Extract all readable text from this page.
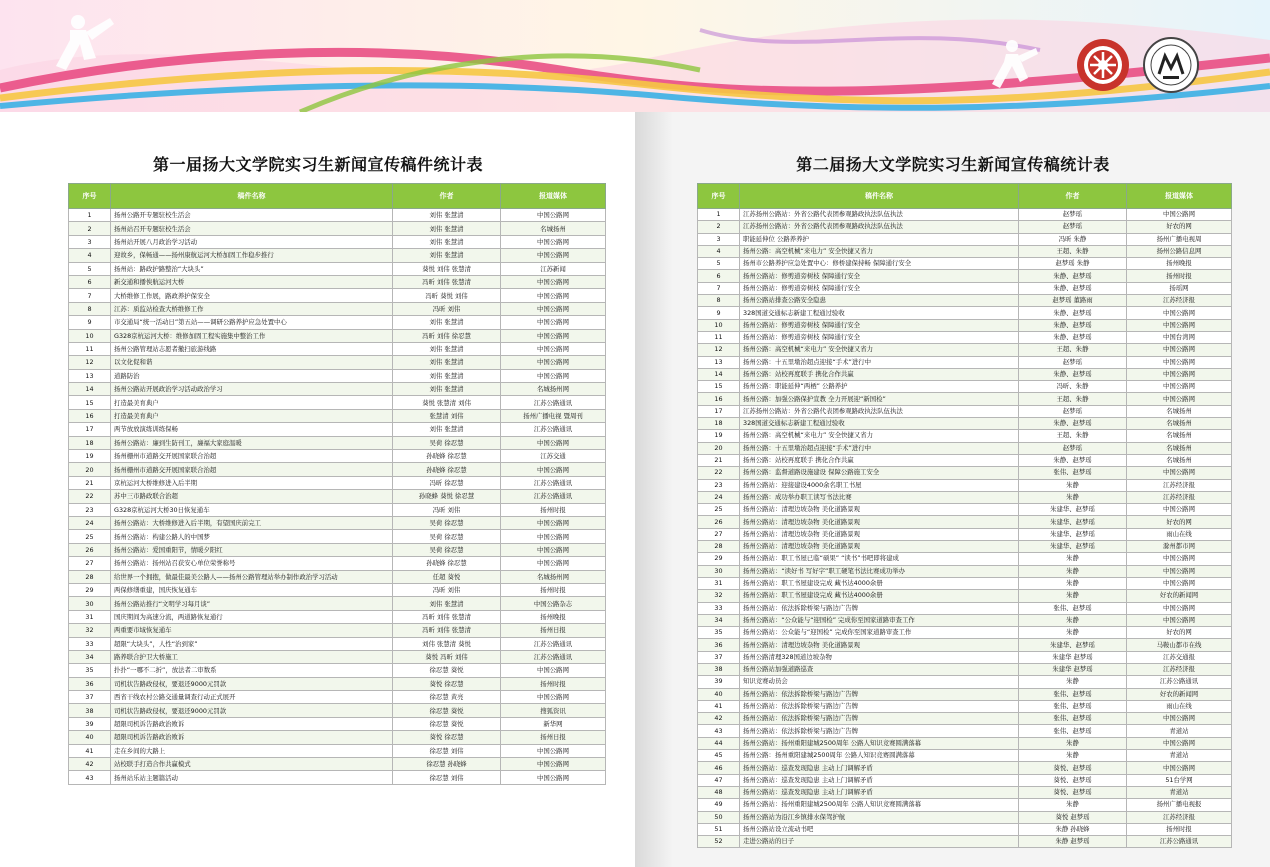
第一届扬大文学院实习生新闻宣传稿件统计表	第二届扬大文学院实习生新闻宣传稿统计表
序号	稿件名称	作者	报道媒体
1	扬州公路开专题驻校生活会	刘伟 张慧清	中国公路网
2	扬州站召开专题驻校生活会	刘伟 张慧清	名城扬州
3	扬州站开展八月政治学习活动	刘伟 张慧清	中国公路网
4	迎故乡，保畅通——扬州康航运河大桥加固工作稳步推行	刘伟 张慧清	中国公路网
5	扬州站：路政护路整治“大块头”	葵悦 刘伟 张慧清	江苏新闻
6	新交通和播俟航运河大桥	冯昕 刘伟 张慧清	中国公路网
7	大桥维修工作展，路政养护保安全	冯昕 葵悦 刘伟	中国公路网
8	江苏：质监站检查大桥维修工作	冯昕 刘伟	中国公路网
9	市交通局“统一活动日”第五站——调研公路养护应急处置中心	刘伟 张慧清	中国公路网
10	G328京杭运河大桥：维修加固工程实施集中整治工作	冯昕 刘伟 徐忍慧	中国公路网
11	扬州公路管理站志愿者撤扫旅游线路	刘伟 张慧清	中国公路网
12	以文化促和谐	刘伟 张慧清	中国公路网
13	道路防治	刘伟 张慧清	中国公路网
14	扬州公路站开展政治学习活动政治学习	刘伟 张慧清	名城扬州网
15	打造最美育典户	葵悦 张慧清 刘伟	江苏公路通讯
16	打造最美育典户	张慧清 刘伟	扬州广播电视 暨周刊
17	两节放放演练训练保畅	刘伟 张慧清	江苏公路通讯
18	扬州公路站：廉到生防刊工，廉福大家庭温暖	吴荷 徐忍慧	中国公路网
19	扬州栅州市道路交开展国家联合治超	孙晓蜂 徐忍慧	江苏交通
20	扬州栅州市道路交开展国家联合治超	孙晓蜂 徐忍慧	中国公路网
21	京杭运河大桥维修进入后半期	冯昕 徐忍慧	江苏公路通讯
22	苏中三市路政联合治超	孙晓蜂 葵悦 徐忍慧	江苏公路通讯
23	G328京杭运河大桥30日恢复通车	冯昕 刘伟	扬州时报
24	扬州公路站：大桥维修进入后半期，有望国庆前完工	吴荷 徐忍慧	中国公路网
25	扬州公路站：构建公路人的中国梦	吴荷 徐忍慧	中国公路网
26	扬州公路站：爱国重阳节，情暖夕阳红	吴荷 徐忍慧	中国公路网
27	扬州公路站：扬州站召获安心单位荣誉称号	孙晓蜂 徐忍慧	中国公路网
28	给世界一个拥抱，做最佳最美公路人——扬州公路管理站举办制作政治学习活动	任超 葵悦	名城扬州网
29	两保修缮重建，国庆恢复通车	冯昕 刘伟	扬州时报
30	扬州公路站推行“文明学习每月谈”	刘伟 张慧清	中国公路杂志
31	国庆期间为高速分流，两道路恢复通行	冯昕 刘伟 张慧清	扬州晚报
32	两重要市域恢复通车	冯昕 刘伟 张慧清	扬州日报
33	超限“大块头”，人性“治到家”	刘伟 张慧清 葵悦	江苏公路通讯
34	路养联合护卫大桥施工	葵悦 冯昕 刘伟	江苏公路通讯
35	扑扑“一哪不二折”，放法者二审数系	徐忍慧 葵悦	中国公路网
36	司机状告路政侵权，要退还9000元罚款	葵悦 徐忍慧	扬州时报
37	西省干线农村公路交通量调查行动正式展开	徐忍慧 黄亮	中国公路网
38	司机状告路政侵权，要退还9000元罚款	徐忍慧 葵悦	搜狐资讯
39	超限司机诉告路政治败诉	徐忍慧 葵悦	新华网
40	超限司机诉告路政治败诉	葵悦 徐忍慧	扬州日报
41	走在乡间的大路上	徐忍慧 刘伟	中国公路网
42	站校联手打造合作共赢模式	徐忍慧 孙晓蜂	中国公路网
43	扬州站乐站主题篇活动	徐忍慧 刘伟	中国公路网
序号	稿件名称	作者	报道媒体
1	江苏扬州公路站：外省公路代表团参观路政执法队伍执法	赵梦瑶	中国公路网
2	江苏扬州公路站：外省公路代表团参观路政执法队伍执法	赵梦瑶	好农的网
3	职能延伸位 公路养养护	冯昕 朱静	扬州广播电视周
4	扬州公路：高空机械“来电力” 安全快捷又省力	王超、朱静	扬州公路信息网
5	扬州市公路养护应急处置中心：修桥建保持畅 保障通行安全	赵梦瑶 朱静	扬州晚报
6	扬州公路站：修剪道旁树枝 保障通行安全	朱静、赵梦瑶	扬州时报
7	扬州公路站：修剪道旁树枝 保障通行安全	朱静、赵梦瑶	扬瑶网
8	扬州公路站排查公路安全隐患	赵梦瑶 董路雨	江苏经济报
9	328国道交通标志新建工程通过验收	朱静、赵梦瑶	中国公路网
10	扬州公路站：修剪道旁树枝 保障通行安全	朱静、赵梦瑶	中国公路网
11	扬州公路站：修剪道旁树枝 保障通行安全	朱静、赵梦瑶	中国台湾网
12	扬州公路：高空机械“来电力” 安全快捷又省力	王超、朱静	中国公路网
13	扬州公路：十五里墩治超点迎接“手术”进行中	赵梦瑶	中国公路网
14	扬州公路：站校再度联手 携化合作共赢	朱静、赵梦瑶	中国公路网
15	扬州公路：职能延伸“两栖” 公路养护	冯昕、朱静	中国公路网
16	扬州公路：加强公路保护宣教 全力开展迎“新国检”	王超、朱静	中国公路网
17	江苏扬州公路站：外省公路代表团参观路政执法队伍执法	赵梦瑶	名城扬州
18	328国道交通标志新建工程通过验收	朱静、赵梦瑶	名城扬州
19	扬州公路：高空机械“来电力” 安全快捷又省力	王超、朱静	名城扬州
20	扬州公路：十五里墩治超点迎接“手术”进行中	赵梦瑶	名城扬州
21	扬州公路：站校再度联手 携化合作共赢	朱静、赵梦瑶	名城扬州
22	扬州公路：监督道路设施建设 保障公路施工安全	张伟、赵梦瑶	中国公路网
23	扬州公路站：迎接建设4000余名职工书屋	朱静	江苏经济报
24	扬州公路：成功举办职工读写书法比赛	朱静	江苏经济报
25	扬州公路站：清理边坡杂物 美化道路景观	朱建华、赵梦瑶	中国公路网
26	扬州公路站：清理边坡杂物 美化道路景观	朱建华、赵梦瑶	好农的网
27	扬州公路站：清理边坡杂物 美化道路景观	朱建华、赵梦瑶	雨山在线
28	扬州公路站：清理边坡杂物 美化道路景观	朱建华、赵梦瑶	滁州都市网
29	扬州公路站：职工书屋已临“硕果” “读书”书吧即将建成	朱静	中国公路网
30	扬州公路站：“读好书 写好字”职工硬笔书法比赛成功举办	朱静	中国公路网
31	扬州公路站：职工书屋建设完成 藏书达4000余册	朱静	中国公路网
32	扬州公路站：职工书屋建设完成 藏书达4000余册	朱静	好农的新闻网
33	扬州公路站：依法拆除桥梁与路边广告牌	张伟、赵梦瑶	中国公路网
34	扬州公路站：“公众能与“迎国检” 完成你至国家道路审查工作	朱静	中国公路网
35	扬州公路站：公众能与“迎国检” 完成你至国家道路审查工作	朱静	好农的网
36	扬州公路站：清理边坡杂物 美化道路景观	朱建华、赵梦瑶	马鞍山都市在线
37	扬州公路清理328国道边坡杂物	朱建华 赵梦瑶	江苏交通报
38	扬州公路站加强道路巡查	朱建华 赵梦瑶	江苏经济报
39	知识竞赛动员会	朱静	江苏公路通讯
40	扬州公路站：依法拆除桥梁与路边广告牌	张伟、赵梦瑶	好农的新闻网
41	扬州公路站：依法拆除桥梁与路边广告牌	张伟、赵梦瑶	雨山在线
42	扬州公路站：依法拆除桥梁与路边广告牌	张伟、赵梦瑶	中国公路网
43	扬州公路站：依法拆除桥梁与路边广告牌	张伟、赵梦瑶	青道站
44	扬州公路站：扬州重阳建城2500周年 公路人知识竞赛圆满落幕	朱静	中国公路网
45	扬州公路：扬州重阳建城2500周年 公路人知识竞赛圆满落幕	朱静	青道站
46	扬州公路站：巡查发现隐患 主动上门调解矛盾	葵悦、赵梦瑶	中国公路网
47	扬州公路站：巡查发现隐患 主动上门调解矛盾	葵悦、赵梦瑶	51台学网
48	扬州公路站：巡查发现隐患 主动上门调解矛盾	葵悦、赵梦瑶	青道站
49	扬州公路站：扬州重阳建城2500周年 公路人知识竞赛圆满落幕	朱静	扬州广播电视报
50	扬州公路站为沿江乡镇排水保驾护航	葵悦 赵梦瑶	江苏经济报
51	扬州公路站设立流动书吧	朱静 孙晓蜂	扬州时报
52	走进公路站的日子	朱静 赵梦瑶	江苏公路通讯
